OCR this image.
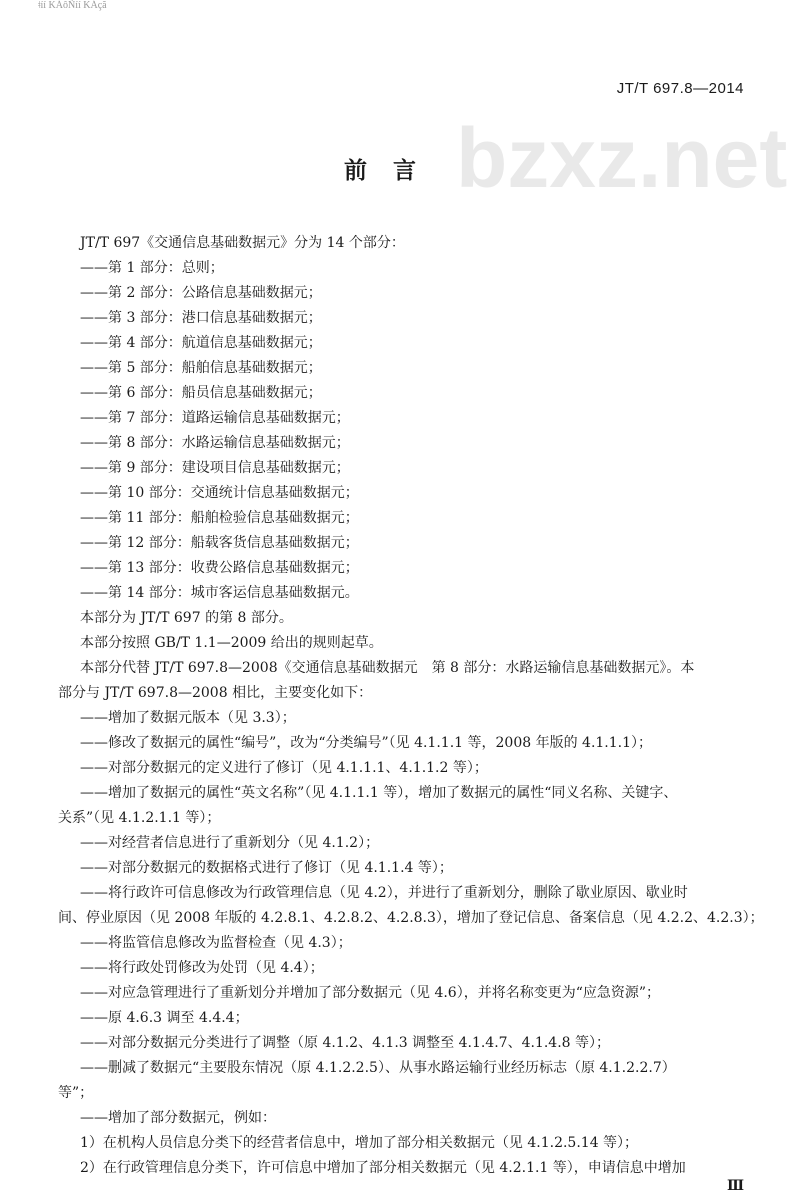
ǂíí KÁôÑíí KÁçã
bzxz.net
JT/T 697.8—2014
前言
JT/T 697《交通信息基础数据元》分为 14 个部分：
——第 1 部分：总则；
——第 2 部分：公路信息基础数据元；
——第 3 部分：港口信息基础数据元；
——第 4 部分：航道信息基础数据元；
——第 5 部分：船舶信息基础数据元；
——第 6 部分：船员信息基础数据元；
——第 7 部分：道路运输信息基础数据元；
——第 8 部分：水路运输信息基础数据元；
——第 9 部分：建设项目信息基础数据元；
——第 10 部分：交通统计信息基础数据元；
——第 11 部分：船舶检验信息基础数据元；
——第 12 部分：船载客货信息基础数据元；
——第 13 部分：收费公路信息基础数据元；
——第 14 部分：城市客运信息基础数据元。
本部分为 JT/T 697 的第 8 部分。
本部分按照 GB/T 1.1—2009 给出的规则起草。
本部分代替 JT/T 697.8—2008《交通信息基础数据元　第 8 部分：水路运输信息基础数据元》。本
部分与 JT/T 697.8—2008 相比，主要变化如下：
——增加了数据元版本（见 3.3）；
——修改了数据元的属性“编号”，改为“分类编号”（见 4.1.1.1 等，2008 年版的 4.1.1.1）；
——对部分数据元的定义进行了修订（见 4.1.1.1、4.1.1.2 等）；
——增加了数据元的属性“英文名称”（见 4.1.1.1 等），增加了数据元的属性“同义名称、关键字、
关系”（见 4.1.2.1.1 等）；
——对经营者信息进行了重新划分（见 4.1.2）；
——对部分数据元的数据格式进行了修订（见 4.1.1.4 等）；
——将行政许可信息修改为行政管理信息（见 4.2），并进行了重新划分，删除了歇业原因、歇业时
间、停业原因（见 2008 年版的 4.2.8.1、4.2.8.2、4.2.8.3），增加了登记信息、备案信息（见 4.2.2、4.2.3）；
——将监管信息修改为监督检查（见 4.3）；
——将行政处罚修改为处罚（见 4.4）；
——对应急管理进行了重新划分并增加了部分数据元（见 4.6），并将名称变更为“应急资源”；
——原 4.6.3 调至 4.4.4；
——对部分数据元分类进行了调整（原 4.1.2、4.1.3 调整至 4.1.4.7、4.1.4.8 等）；
——删减了数据元“主要股东情况（原 4.1.2.2.5）、从事水路运输行业经历标志（原 4.1.2.2.7）
等”；
——增加了部分数据元，例如：
1）在机构人员信息分类下的经营者信息中，增加了部分相关数据元（见 4.1.2.5.14 等）；
2）在行政管理信息分类下，许可信息中增加了部分相关数据元（见 4.2.1.1 等），申请信息中增加
Ⅲ
